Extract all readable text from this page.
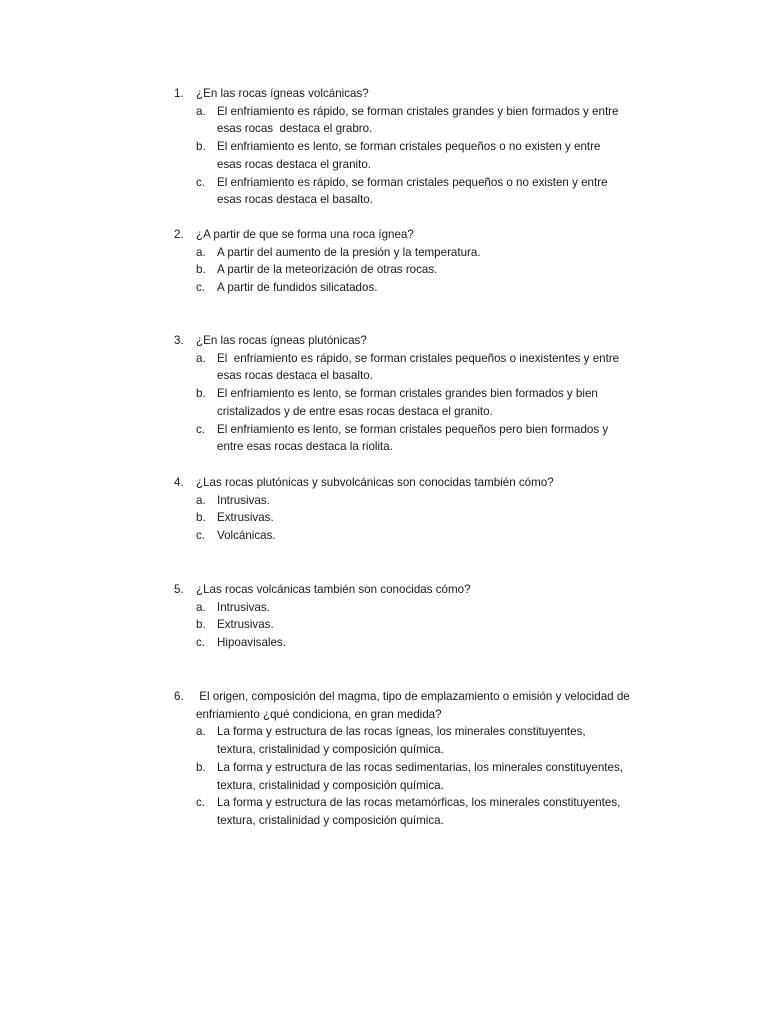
1.	¿En las rocas ígneas volcánicas?
a. El enfriamiento es rápido, se forman cristales grandes y bien formados y entre esas rocas  destaca el grabro.
b. El enfriamiento es lento, se forman cristales pequeños o no existen y entre esas rocas destaca el granito.
c.	El enfriamiento es rápido, se forman cristales pequeños o no existen y entre esas rocas destaca el basalto.
2.	¿A partir de que se forma una roca ígnea?
a. A partir del aumento de la presión y la temperatura.
b. A partir de la meteorización de otras rocas.
c.	A partir de fundidos silicatados.
3.	¿En las rocas ígneas plutónicas?
a. El  enfriamiento es rápido, se forman cristales pequeños o inexistentes y entre esas rocas destaca el basalto.
b. El enfriamiento es lento, se forman cristales grandes bien formados y bien cristalizados y de entre esas rocas destaca el granito.
c.	El enfriamiento es lento, se forman cristales pequeños pero bien formados y entre esas rocas destaca la riolita.
4.	¿Las rocas plutónicas y subvolcánicas son conocidas también cómo?
a. Intrusivas.
b. Extrusivas.
c.	Volcánicas.
5.	¿Las rocas volcánicas también son conocidas cómo?
a. Intrusivas.
b. Extrusivas.
c.	Hipoavisales.
6.	El origen, composición del magma, tipo de emplazamiento o emisión y velocidad de enfriamiento ¿qué condiciona, en gran medida?
a. La forma y estructura de las rocas ígneas, los minerales constituyentes, textura, cristalinidad y composición química.
b. La forma y estructura de las rocas sedimentarias, los minerales constituyentes, textura, cristalinidad y composición química.
c.	La forma y estructura de las rocas metamórficas, los minerales constituyentes, textura, cristalinidad y composición química.
